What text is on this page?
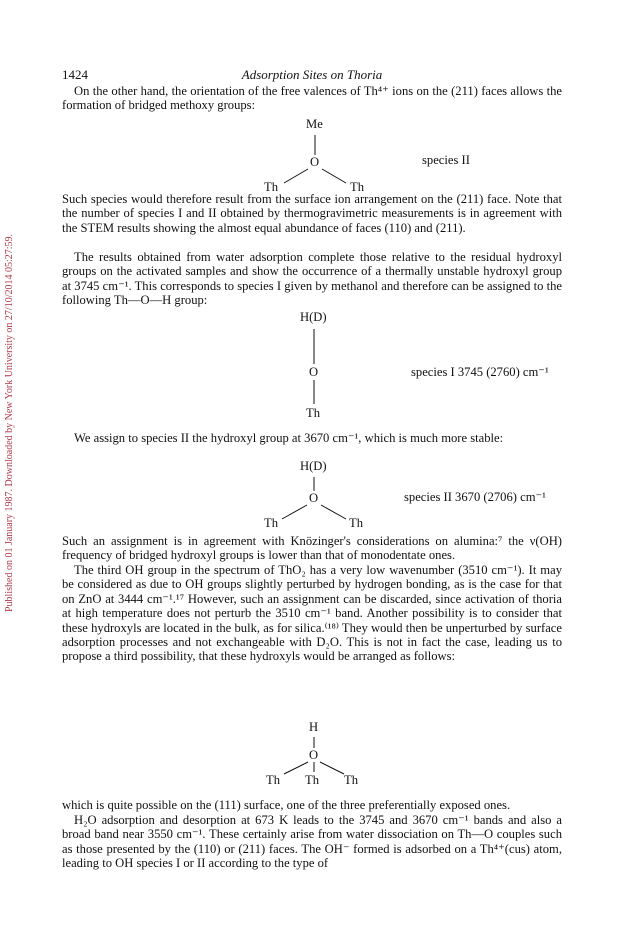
Published on 01 January 1987. Downloaded by New York University on 27/10/2014 05:27:59.
1424	Adsorption Sites on Thoria

On the other hand, the orientation of the free valences of Th⁴⁺ ions on the (211) faces allows the formation of bridged methoxy groups:

Me
O
Th	Th
species II

Such species would therefore result from the surface ion arrangement on the (211) face. Note that the number of species I and II obtained by thermogravimetric measurements is in agreement with the STEM results showing the almost equal abundance of faces (110) and (211).

The results obtained from water adsorption complete those relative to the residual hydroxyl groups on the activated samples and show the occurrence of a thermally unstable hydroxyl group at 3745 cm⁻¹. This corresponds to species I given by methanol and therefore can be assigned to the following Th—O—H group:

H(D)
O
Th
species I 3745 (2760) cm⁻¹

We assign to species II the hydroxyl group at 3670 cm⁻¹, which is much more stable:

H(D)
O
Th	Th
species II 3670 (2706) cm⁻¹

Such an assignment is in agreement with Knözinger's considerations on alumina:⁷ the ν(OH) frequency of bridged hydroxyl groups is lower than that of monodentate ones.

The third OH group in the spectrum of ThO₂ has a very low wavenumber (3510 cm⁻¹). It may be considered as due to OH groups slightly perturbed by hydrogen bonding, as is the case for that on ZnO at 3444 cm⁻¹.¹⁷ However, such an assignment can be discarded, since activation of thoria at high temperature does not perturb the 3510 cm⁻¹ band. Another possibility is to consider that these hydroxyls are located in the bulk, as for silica.⁽¹⁸⁾ They would then be unperturbed by surface adsorption processes and not exchangeable with D₂O. This is not in fact the case, leading us to propose a third possibility, that these hydroxyls would be arranged as follows:

H
O
Th Th Th

which is quite possible on the (111) surface, one of the three preferentially exposed ones.

H₂O adsorption and desorption at 673 K leads to the 3745 and 3670 cm⁻¹ bands and also a broad band near 3550 cm⁻¹. These certainly arise from water dissociation on Th—O couples such as those presented by the (110) or (211) faces. The OH⁻ formed is adsorbed on a Th⁴⁺(cus) atom, leading to OH species I or II according to the type of
